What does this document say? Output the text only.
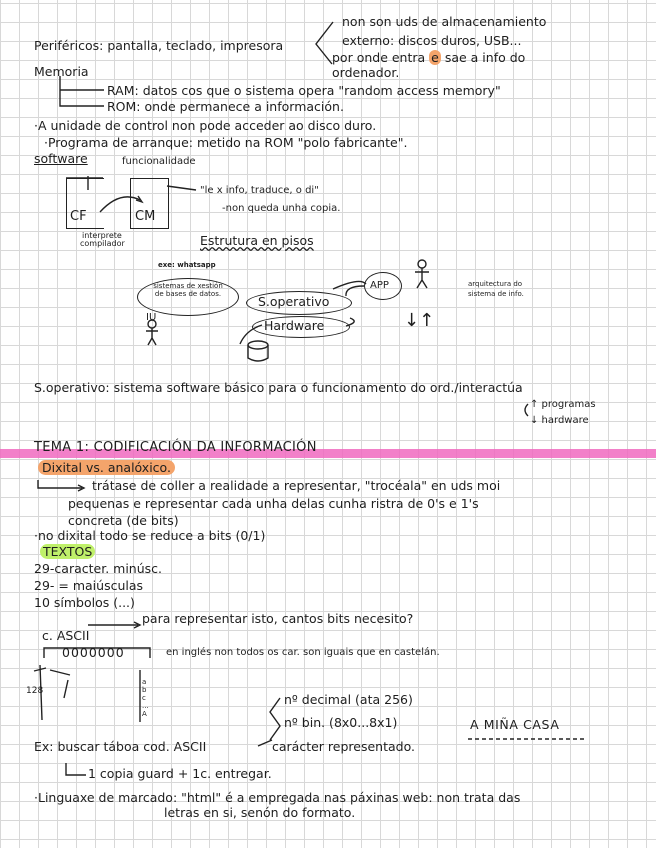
Periféricos: pantalla, teclado, impresora
non son uds de almacenamiento
externo: discos duros, USB...
por onde entra e sae a info do
ordenador.
Memoria
RAM: datos cos que o sistema opera "random access memory"
ROM: onde permanece a información.
·A unidade de control non pode acceder ao disco duro.
·Programa de arranque: metido na ROM "polo fabricante".
software	funcionalidade
CF	CM
"le x info, traduce, o di"
-non queda unha copia.
interprete
compilador	Estrutura en pisos
exe: whatsapp
sistemas de xestión de bases de datos.
IU
APP
S.operativo
Hardware
arquitectura do
sistema de info.
↓↑
S.operativo: sistema software básico para o funcionamento do ord./interactúa
↑ programas
↓ hardware
TEMA 1: CODIFICACIÓN DA INFORMACIÓN
Dixital vs. analóxico.
trátase de coller a realidade a representar, "trocéala" en uds moi
pequenas e representar cada unha delas cunha ristra de 0's e 1's
concreta (de bits)
·no dixital todo se reduce a bits (0/1)
TEXTOS
29-caracter. minúsc.
29- = maiúsculas
10 símbolos (...)
para representar isto, cantos bits necesito?
c. ASCII
0000000	en inglés non todos os car. son iguais que en castelán.
128
a b c ... A
nº decimal (ata 256)
nº bin. (8x0...8x1)	A MIÑA CASA
carácter representado.
Ex: buscar táboa cod. ASCII
1 copia guard + 1c. entregar.
·Linguaxe de marcado: "html" é a empregada nas páxinas web: non trata das
letras en si, senón do formato.
